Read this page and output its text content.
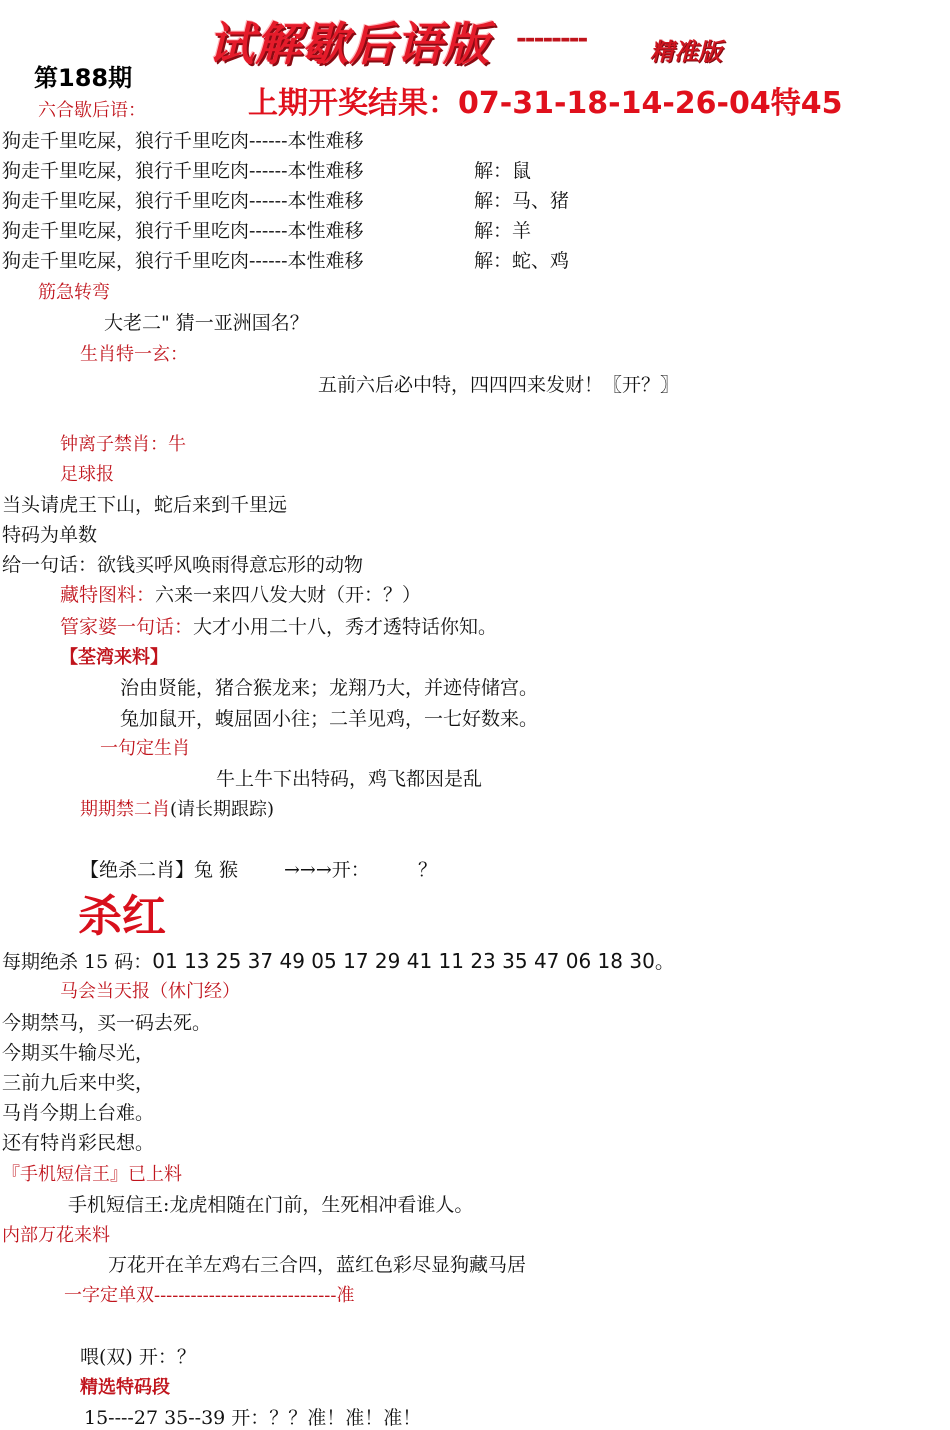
试解歇后语版 --------	精准版
第188期
上期开奖结果：07-31-18-14-26-04特45
六合歇后语：
狗走千里吃屎，狼行千里吃肉------本性难移
狗走千里吃屎，狼行千里吃肉------本性难移	解：鼠
狗走千里吃屎，狼行千里吃肉------本性难移	解：马、猪
狗走千里吃屎，狼行千里吃肉------本性难移	解：羊
狗走千里吃屎，狼行千里吃肉------本性难移	解：蛇、鸡
筋急转弯
大老二" 猜一亚洲国名？
生肖特一玄：
五前六后必中特，四四四来发财！〖开？〗
钟离子禁肖：牛
足球报
当头请虎王下山，蛇后来到千里远
特码为单数
给一句话：欲钱买呼风唤雨得意忘形的动物
藏特图料：六来一来四八发大财（开：？）
管家婆一句话：大才小用二十八，秀才透特话你知。
【荃湾来料】
治由贤能，猪合猴龙来；龙翔乃大，并迹侍储宫。
兔加鼠开，蝮屈固小往；二羊见鸡，一七好数来。
一句定生肖
牛上牛下出特码，鸡飞都因是乱
期期禁二肖(请长期跟踪)
【绝杀二肖】兔 猴 →→→开：	？
杀红
每期绝杀 15 码：01 13 25 37 49 05 17 29 41 11 23 35 47 06 18 30。
马会当天报（休门经）
今期禁马，买一码去死。
今期买牛输尽光，
三前九后来中奖，
马肖今期上台难。
还有特肖彩民想。
『手机短信王』已上料
手机短信王:龙虎相随在门前，生死相冲看谁人。
内部万花来料
万花开在羊左鸡右三合四，蓝红色彩尽显狗藏马居
一字定单双------------------------------准
喂(双) 开：？
精选特码段
15----27 35--39 开：？？准！准！准！
